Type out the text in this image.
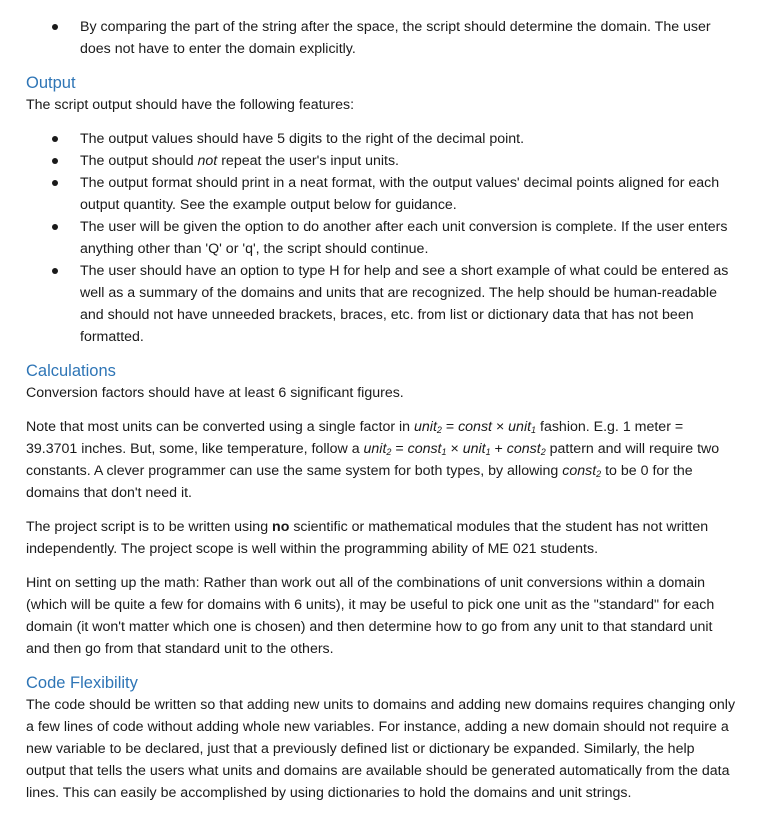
By comparing the part of the string after the space, the script should determine the domain. The user does not have to enter the domain explicitly.
Output
The script output should have the following features:
The output values should have 5 digits to the right of the decimal point.
The output should not repeat the user's input units.
The output format should print in a neat format, with the output values' decimal points aligned for each output quantity. See the example output below for guidance.
The user will be given the option to do another after each unit conversion is complete. If the user enters anything other than 'Q' or 'q', the script should continue.
The user should have an option to type H for help and see a short example of what could be entered as well as a summary of the domains and units that are recognized. The help should be human-readable and should not have unneeded brackets, braces, etc. from list or dictionary data that has not been formatted.
Calculations
Conversion factors should have at least 6 significant figures.
Note that most units can be converted using a single factor in unit$_2$ = const × unit$_1$ fashion. E.g. 1 meter = 39.3701 inches. But, some, like temperature, follow a unit$_2$ = const$_1$ × unit$_1$ + const$_2$ pattern and will require two constants. A clever programmer can use the same system for both types, by allowing const$_2$ to be 0 for the domains that don't need it.
The project script is to be written using no scientific or mathematical modules that the student has not written independently. The project scope is well within the programming ability of ME 021 students.
Hint on setting up the math: Rather than work out all of the combinations of unit conversions within a domain (which will be quite a few for domains with 6 units), it may be useful to pick one unit as the "standard" for each domain (it won't matter which one is chosen) and then determine how to go from any unit to that standard unit and then go from that standard unit to the others.
Code Flexibility
The code should be written so that adding new units to domains and adding new domains requires changing only a few lines of code without adding whole new variables. For instance, adding a new domain should not require a new variable to be declared, just that a previously defined list or dictionary be expanded. Similarly, the help output that tells the users what units and domains are available should be generated automatically from the data lines. This can easily be accomplished by using dictionaries to hold the domains and unit strings.
